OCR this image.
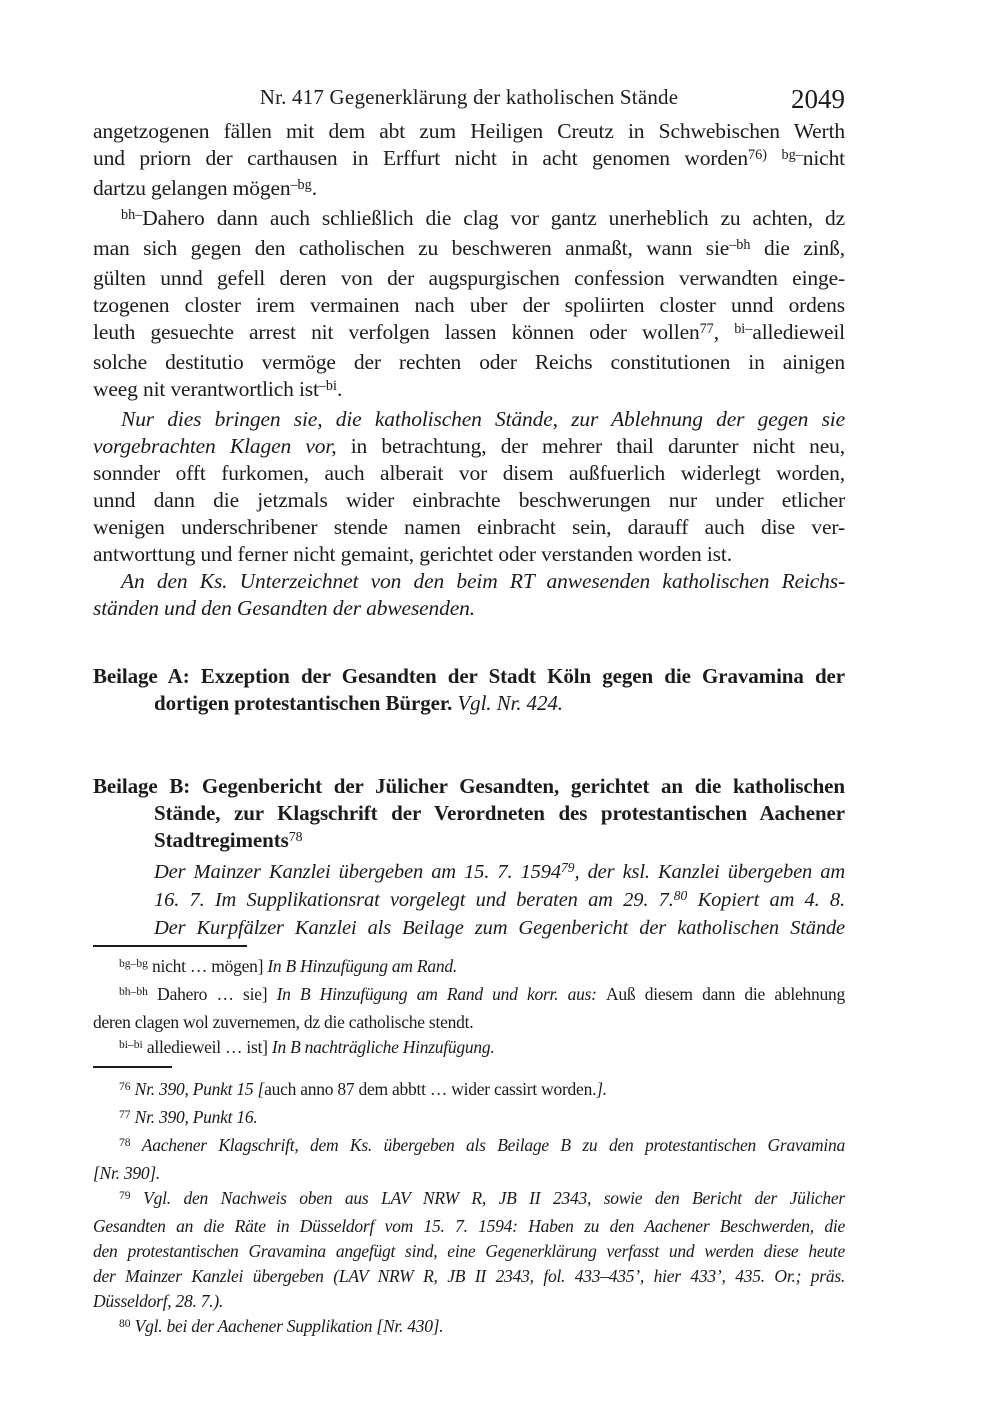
Nr. 417 Gegenerklärung der katholischen Stände	2049
angetzogenen fällen mit dem abt zum Heiligen Creutz in Schwebischen Werth
und priorn der carthausen in Erffurt nicht in acht genomen worden$^{76)}$ $^{bg-}$nicht
dartzu gelangen mögen$^{-bg}$.
$^{bh-}$Dahero dann auch schließlich die clag vor gantz unerheblich zu achten, dz
man sich gegen den catholischen zu beschweren anmaßt, wann sie$^{-bh}$ die zinß,
gülten unnd gefell deren von der augspurgischen confession verwandten einge-
tzogenen closter irem vermainen nach uber der spoliirten closter unnd ordens
leuth gesuechte arrest nit verfolgen lassen können oder wollen$^{77}$, $^{bi-}$alledieweil
solche destitutio vermöge der rechten oder Reichs constitutionen in ainigen
weeg nit verantwortlich ist$^{-bi}$.
Nur dies bringen sie, die katholischen Stände, zur Ablehnung der gegen sie
vorgebrachten Klagen vor, in betrachtung, der mehrer thail darunter nicht neu,
sonnder offt furkomen, auch alberait vor disem außfuerlich widerlegt worden,
unnd dann die jetzmals wider einbrachte beschwerungen nur under etlicher
wenigen underschribener stende namen einbracht sein, darauff auch dise ver-
antworttung und ferner nicht gemaint, gerichtet oder verstanden worden ist.
An den Ks. Unterzeichnet von den beim RT anwesenden katholischen Reichs-
ständen und den Gesandten der abwesenden.
Beilage A: Exzeption der Gesandten der Stadt Köln gegen die Gravamina der
dortigen protestantischen Bürger. Vgl. Nr. 424.
Beilage B: Gegenbericht der Jülicher Gesandten, gerichtet an die katholischen
Stände, zur Klagschrift der Verordneten des protestantischen Aachener
Stadtregiments$^{78}$
Der Mainzer Kanzlei übergeben am 15. 7. 1594$^{79}$, der ksl. Kanzlei übergeben am
16. 7. Im Supplikationsrat vorgelegt und beraten am 29. 7.80 Kopiert am 4. 8.
Der Kurpfälzer Kanzlei als Beilage zum Gegenbericht der katholischen Stände
$^{bg-bg}$ nicht … mögen] In B Hinzufügung am Rand.
$^{bh-bh}$ Dahero … sie] In B Hinzufügung am Rand und korr. aus: Auß diesem dann die ablehnung
deren clagen wol zuvernemen, dz die catholische stendt.
$^{bi-bi}$ alledieweil … ist] In B nachträgliche Hinzufügung.
$^{76}$ Nr. 390, Punkt 15 [auch anno 87 dem abbtt … wider cassirt worden.].
$^{77}$ Nr. 390, Punkt 16.
$^{78}$ Aachener Klagschrift, dem Ks. übergeben als Beilage B zu den protestantischen Gravamina
[Nr. 390].
$^{79}$ Vgl. den Nachweis oben aus LAV NRW R, JB II 2343, sowie den Bericht der Jülicher
Gesandten an die Räte in Düsseldorf vom 15. 7. 1594: Haben zu den Aachener Beschwerden, die
den protestantischen Gravamina angefügt sind, eine Gegenerklärung verfasst und werden diese heute
der Mainzer Kanzlei übergeben (LAV NRW R, JB II 2343, fol. 433–435’, hier 433’, 435. Or.; präs.
Düsseldorf, 28. 7.).
$^{80}$ Vgl. bei der Aachener Supplikation [Nr. 430].
